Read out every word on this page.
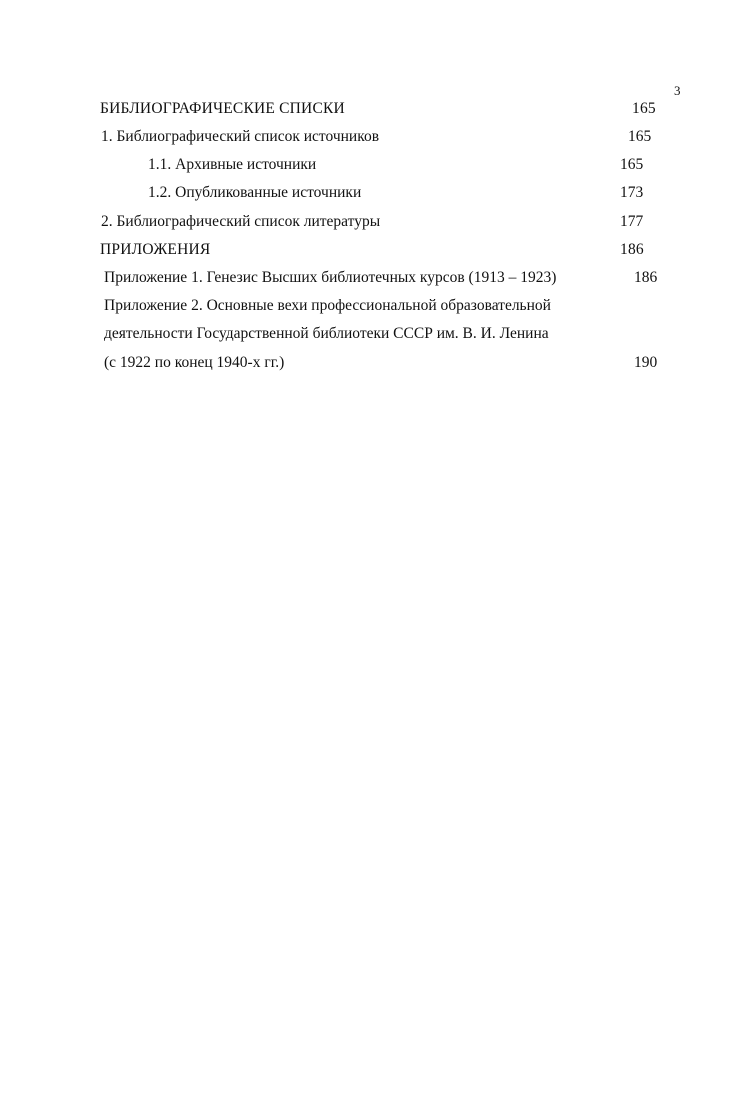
3
БИБЛИОГРАФИЧЕСКИЕ СПИСКИ	165
1. Библиографический список источников	165
1.1. Архивные источники	165
1.2. Опубликованные источники	173
2. Библиографический список литературы	177
ПРИЛОЖЕНИЯ	186
Приложение 1. Генезис Высших библиотечных курсов (1913 – 1923)	186
Приложение 2. Основные вехи профессиональной образовательной
деятельности Государственной библиотеки СССР им. В. И. Ленина
(с 1922 по конец 1940-х гг.)	190
